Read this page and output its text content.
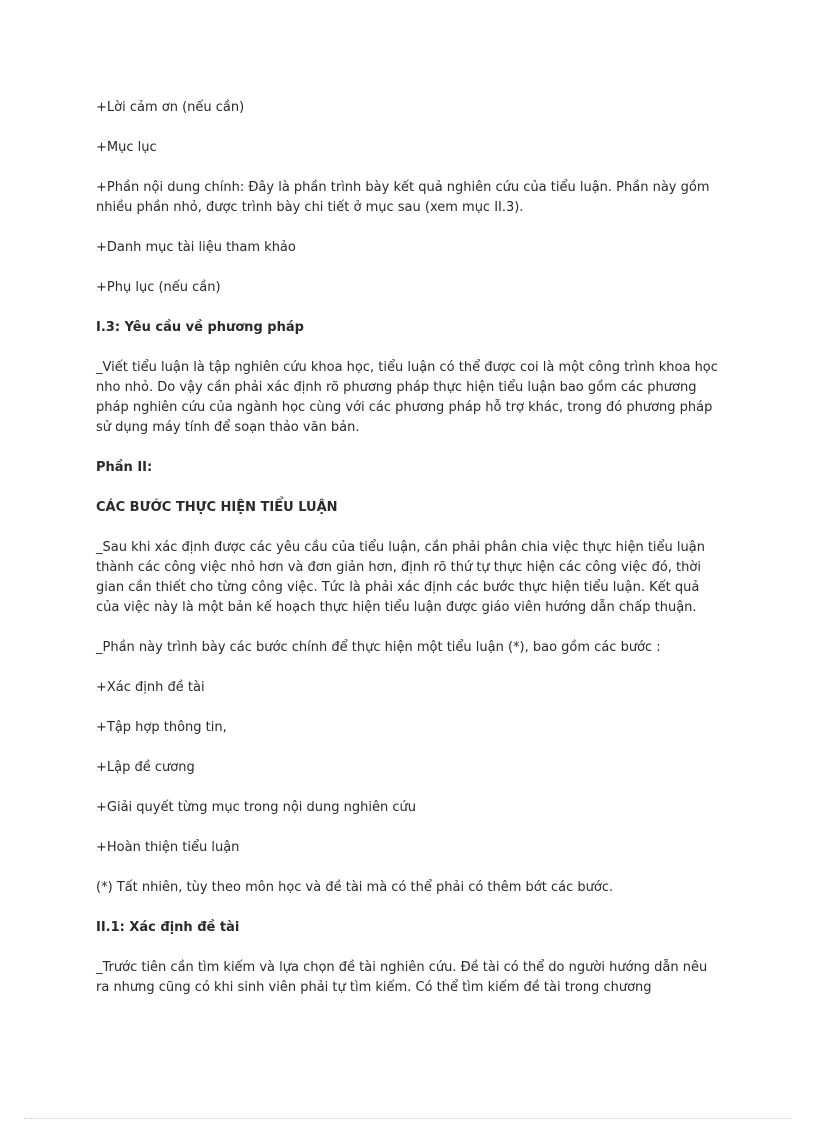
+Lời cảm ơn (nếu cần)

+Mục lục

+Phần nội dung chính: Đây là phần trình bày kết quả nghiên cứu của tiểu luận. Phần này gồm nhiều phần nhỏ, được trình bày chi tiết ở mục sau (xem mục II.3).

+Danh mục tài liệu tham khảo

+Phụ lục (nếu cần)

I.3: Yêu cầu về phương pháp

_Viết tiểu luận là tập nghiên cứu khoa học, tiểu luận có thể được coi là một công trình khoa học nho nhỏ. Do vậy cần phải xác định rõ phương pháp thực hiện tiểu luận bao gồm các phương pháp nghiên cứu của ngành học cùng với các phương pháp hỗ trợ khác, trong đó phương pháp sử dụng máy tính để soạn thảo văn bản.

Phần II:

CÁC BƯỚC THỰC HIỆN TIỂU LUẬN

_Sau khi xác định được các yêu cầu của tiểu luận, cần phải phân chia việc thực hiện tiểu luận thành các công việc nhỏ hơn và đơn giản hơn, định rõ thứ tự thực hiện các công việc đó, thời gian cần thiết cho từng công việc. Tức là phải xác định các bước thực hiện tiểu luận. Kết quả của việc này là một bản kế hoạch thực hiện tiểu luận được giáo viên hướng dẫn chấp thuận.

_Phần này trình bày các bước chính để thực hiện một tiểu luận (*), bao gồm các bước :

+Xác định đề tài

+Tập hợp thông tin,

+Lập đề cương

+Giải quyết từng mục trong nội dung nghiên cứu

+Hoàn thiện tiểu luận

(*) Tất nhiên, tùy theo môn học và đề tài mà có thể phải có thêm bớt các bước.

II.1: Xác định đề tài

_Trước tiên cần tìm kiếm và lựa chọn đề tài nghiên cứu. Đề tài có thể do người hướng dẫn nêu ra nhưng cũng có khi sinh viên phải tự tìm kiếm. Có thể tìm kiếm đề tài trong chương
